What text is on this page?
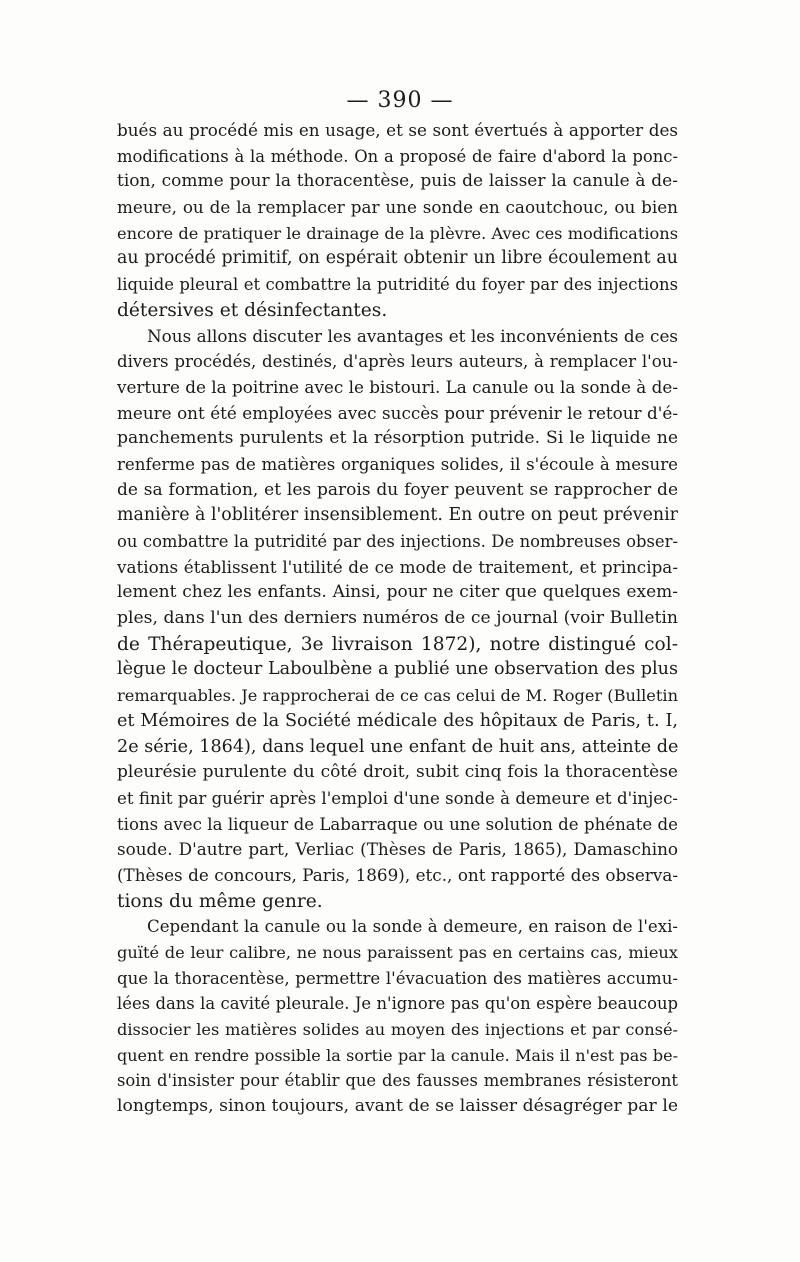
— 390 —
bués au procédé mis en usage, et se sont évertués à apporter des
modifications à la méthode. On a proposé de faire d'abord la ponc-
tion, comme pour la thoracentèse, puis de laisser la canule à de-
meure, ou de la remplacer par une sonde en caoutchouc, ou bien
encore de pratiquer le drainage de la plèvre. Avec ces modifications
au procédé primitif, on espérait obtenir un libre écoulement au
liquide pleural et combattre la putridité du foyer par des injections
détersives et désinfectantes.
Nous allons discuter les avantages et les inconvénients de ces
divers procédés, destinés, d'après leurs auteurs, à remplacer l'ou-
verture de la poitrine avec le bistouri. La canule ou la sonde à de-
meure ont été employées avec succès pour prévenir le retour d'é-
panchements purulents et la résorption putride. Si le liquide ne
renferme pas de matières organiques solides, il s'écoule à mesure
de sa formation, et les parois du foyer peuvent se rapprocher de
manière à l'oblitérer insensiblement. En outre on peut prévenir
ou combattre la putridité par des injections. De nombreuses obser-
vations établissent l'utilité de ce mode de traitement, et principa-
lement chez les enfants. Ainsi, pour ne citer que quelques exem-
ples, dans l'un des derniers numéros de ce journal (voir Bulletin
de Thérapeutique, 3e livraison 1872), notre distingué col-
lègue le docteur Laboulbène a publié une observation des plus
remarquables. Je rapprocherai de ce cas celui de M. Roger (Bulletin
et Mémoires de la Société médicale des hôpitaux de Paris, t. I,
2e série, 1864), dans lequel une enfant de huit ans, atteinte de
pleurésie purulente du côté droit, subit cinq fois la thoracentèse
et finit par guérir après l'emploi d'une sonde à demeure et d'injec-
tions avec la liqueur de Labarraque ou une solution de phénate de
soude. D'autre part, Verliac (Thèses de Paris, 1865), Damaschino
(Thèses de concours, Paris, 1869), etc., ont rapporté des observa-
tions du même genre.
Cependant la canule ou la sonde à demeure, en raison de l'exi-
guïté de leur calibre, ne nous paraissent pas en certains cas, mieux
que la thoracentèse, permettre l'évacuation des matières accumu-
lées dans la cavité pleurale. Je n'ignore pas qu'on espère beaucoup
dissocier les matières solides au moyen des injections et par consé-
quent en rendre possible la sortie par la canule. Mais il n'est pas be-
soin d'insister pour établir que des fausses membranes résisteront
longtemps, sinon toujours, avant de se laisser désagréger par le
